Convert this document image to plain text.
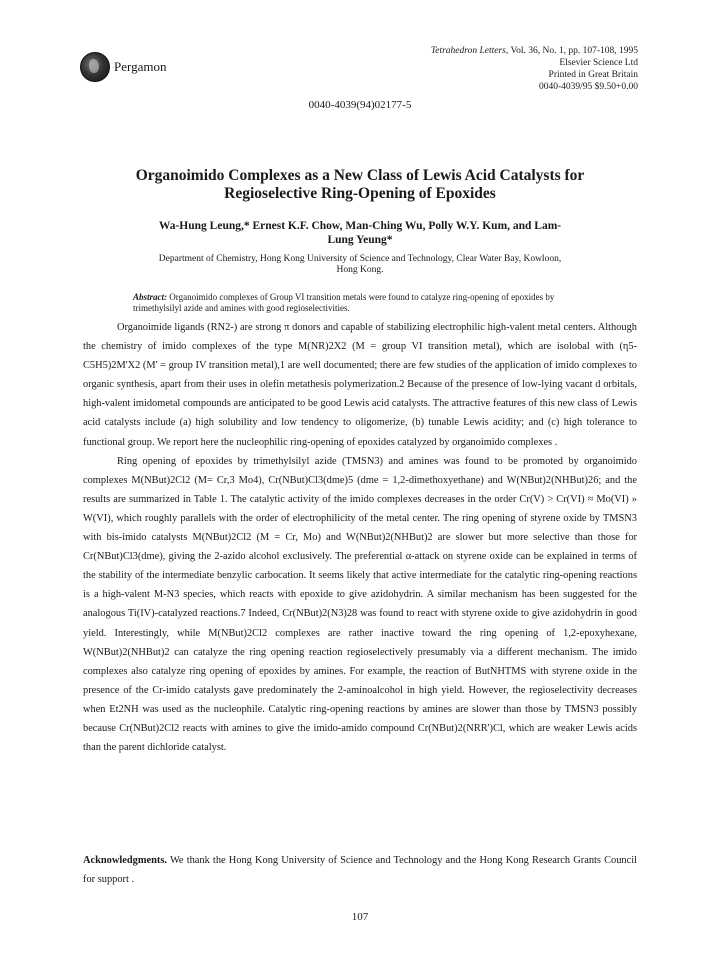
Pergamon
Tetrahedron Letters, Vol. 36, No. 1, pp. 107-108, 1995
Elsevier Science Ltd
Printed in Great Britain
0040-4039/95 $9.50+0.00
0040-4039(94)02177-5
Organoimido Complexes as a New Class of Lewis Acid Catalysts for Regioselective Ring-Opening of Epoxides
Wa-Hung Leung,* Ernest K.F. Chow, Man-Ching Wu, Polly W.Y. Kum, and Lam-Lung Yeung*
Department of Chemistry, Hong Kong University of Science and Technology, Clear Water Bay, Kowloon, Hong Kong.
Abstract: Organoimido complexes of Group VI transition metals were found to catalyze ring-opening of epoxides by trimethylsilyl azide and amines with good regioselectivities.

Organoimide ligands (RN2-) are strong π donors and capable of stabilizing electrophilic high-valent metal centers. Although the chemistry of imido complexes of the type M(NR)2X2 (M = group VI transition metal), which are isolobal with (η5-C5H5)2M'X2 (M' = group IV transition metal),1 are well documented; there are few studies of the application of imido complexes to organic synthesis, apart from their uses in olefin metathesis polymerization.2 Because of the presence of low-lying vacant d orbitals, high-valent imidometal compounds are anticipated to be good Lewis acid catalysts. The attractive features of this new class of Lewis acid catalysts include (a) high solubility and low tendency to oligomerize, (b) tunable Lewis acidity; and (c) high tolerance to functional group. We report here the nucleophilic ring-opening of epoxides catalyzed by organoimido complexes .

Ring opening of epoxides by trimethylsilyl azide (TMSN3) and amines was found to be promoted by organoimido complexes M(NBut)2Cl2 (M= Cr,3 Mo4), Cr(NBut)Cl3(dme)5 (dme = 1,2-dimethoxyethane) and W(NBut)2(NHBut)26; and the results are summarized in Table 1. The catalytic activity of the imido complexes decreases in the order Cr(V) > Cr(VI) ≈ Mo(VI) » W(VI), which roughly parallels with the order of electrophilicity of the metal center. The ring opening of styrene oxide by TMSN3 with bis-imido catalysts M(NBut)2Cl2 (M = Cr, Mo) and W(NBut)2(NHBut)2 are slower but more selective than those for Cr(NBut)Cl3(dme), giving the 2-azido alcohol exclusively. The preferential α-attack on styrene oxide can be explained in terms of the stability of the intermediate benzylic carbocation. It seems likely that active intermediate for the catalytic ring-opening reactions is a high-valent M-N3 species, which reacts with epoxide to give azidohydrin. A similar mechanism has been suggested for the analogous Ti(IV)-catalyzed reactions.7 Indeed, Cr(NBut)2(N3)28 was found to react with styrene oxide to give azidohydrin in good yield. Interestingly, while M(NBut)2Cl2 complexes are rather inactive toward the ring opening of 1,2-epoxyhexane, W(NBut)2(NHBut)2 can catalyze the ring opening reaction regioselectively presumably via a different mechanism. The imido complexes also catalyze ring opening of epoxides by amines. For example, the reaction of ButNHTMS with styrene oxide in the presence of the Cr-imido catalysts gave predominately the 2-aminoalcohol in high yield. However, the regioselectivity decreases when Et2NH was used as the nucleophile. Catalytic ring-opening reactions by amines are slower than those by TMSN3 possibly because Cr(NBut)2Cl2 reacts with amines to give the imido-amido compound Cr(NBut)2(NRR')Cl, which are weaker Lewis acids than the parent dichloride catalyst.

Acknowledgments. We thank the Hong Kong University of Science and Technology and the Hong Kong Research Grants Council for support .
107
